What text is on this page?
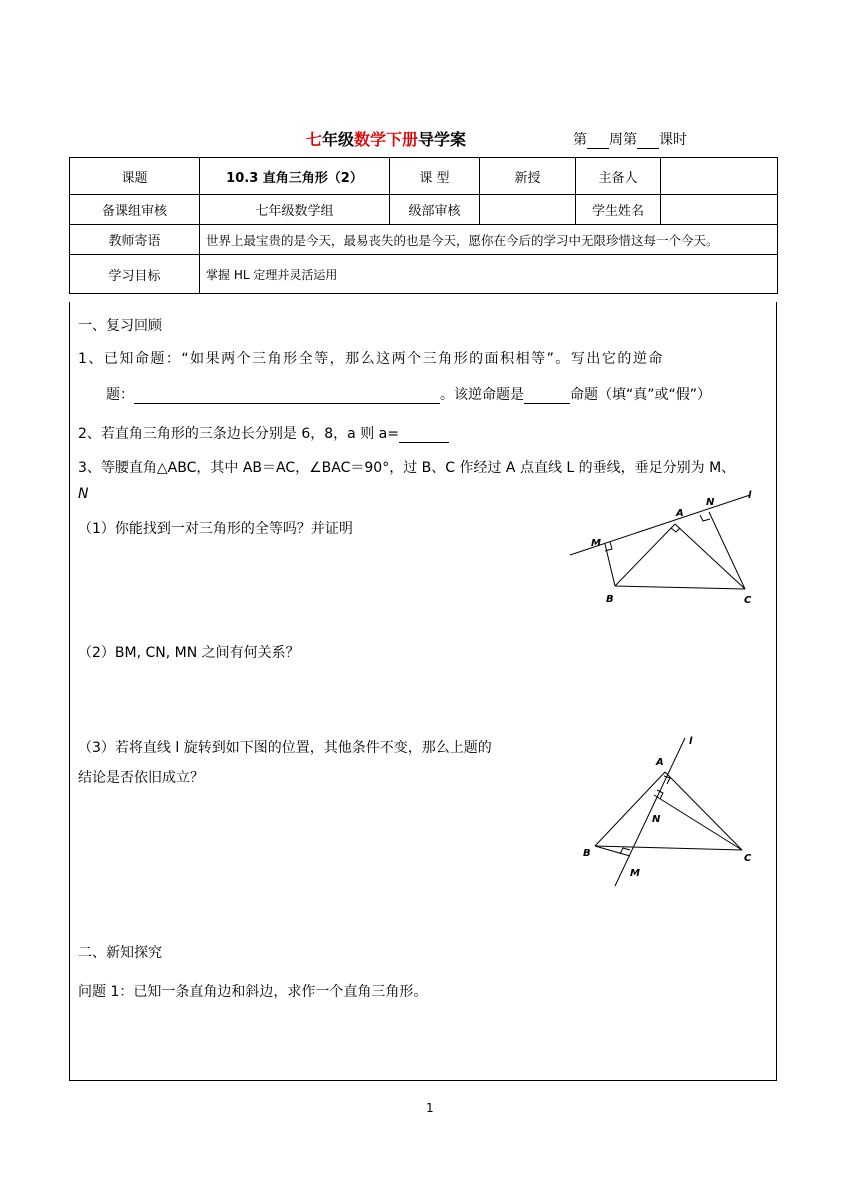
七年级数学下册导学案	第 周第 课时
课题	10.3 直角三角形（2）	课 型	新授	主备人	
备课组审核	七年级数学组	级部审核		学生姓名	
教师寄语	世界上最宝贵的是今天，最易丧失的也是今天，愿你在今后的学习中无限珍惜这每一个今天。				
学习目标	掌握 HL 定理并灵活运用				
一、复习回顾
1、已知命题：“如果两个三角形全等，那么这两个三角形的面积相等”。写出它的逆命
题：	。该逆命题是	命题（填“真”或“假”）
2、若直角三角形的三条边长分别是 6，8，a 则 a=
3、等腰直角△ABC，其中 AB＝AC，∠BAC＝90°，过 B、C 作经过 A 点直线 L 的垂线，垂足分别为 M、
N
（1）你能找到一对三角形的全等吗？并证明
（2）BM, CN, MN 之间有何关系？
（3）若将直线 l 旋转到如下图的位置，其他条件不变，那么上题的
结论是否依旧成立？
二、新知探究
问题 1：已知一条直角边和斜边，求作一个直角三角形。
l
N
A
M
B	C
l
A
N
B	C
M
1
